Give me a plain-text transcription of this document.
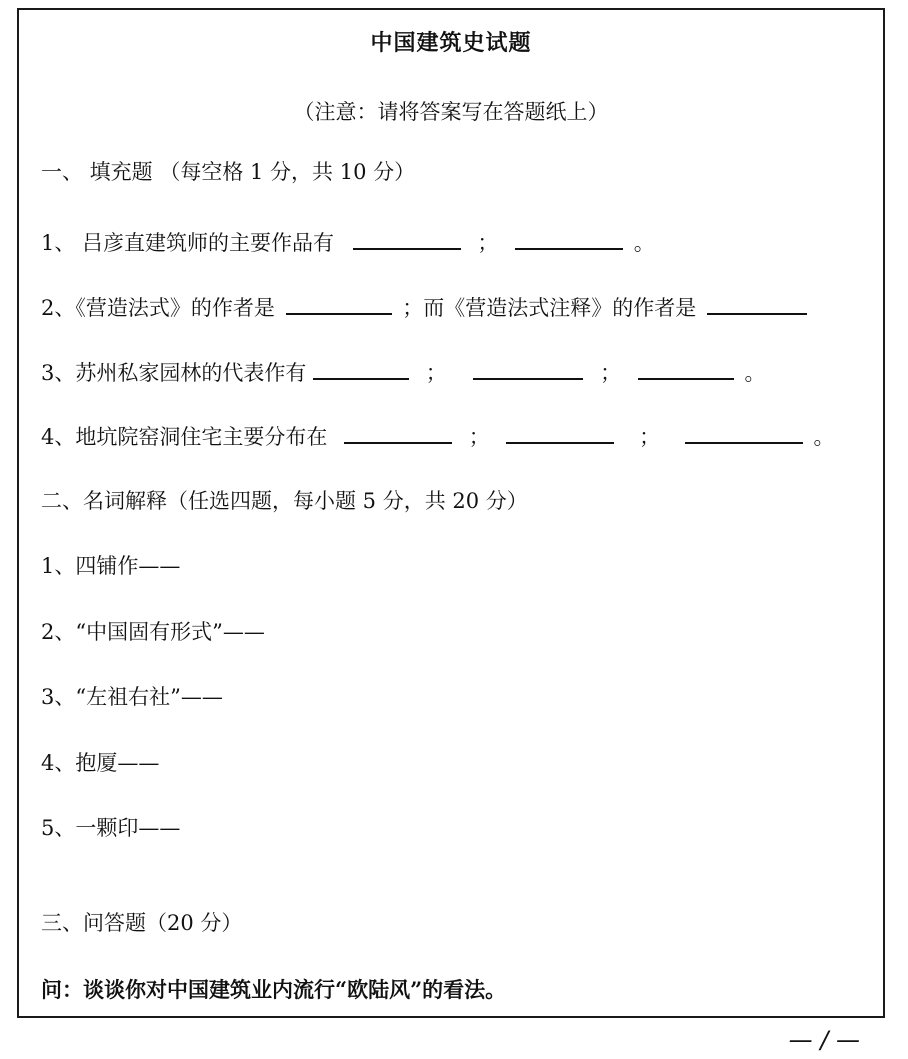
中国建筑史试题
（注意：请将答案写在答题纸上）
一、 填充题 （每空格 1 分，共 10 分）
1、 吕彦直建筑师的主要作品有	；	。
2、《营造法式》的作者是	；而《营造法式注释》的作者是
3、苏州私家园林的代表作有	；	；	。
4、地坑院窑洞住宅主要分布在	；	；	。
二、名词解释（任选四题，每小题 5 分，共 20 分）
1、四铺作——
2、“中国固有形式”——
3、“左祖右社”——
4、抱厦——
5、一颗印——
三、问答题（20 分）
问：谈谈你对中国建筑业内流行“欧陆风”的看法。
— / —
